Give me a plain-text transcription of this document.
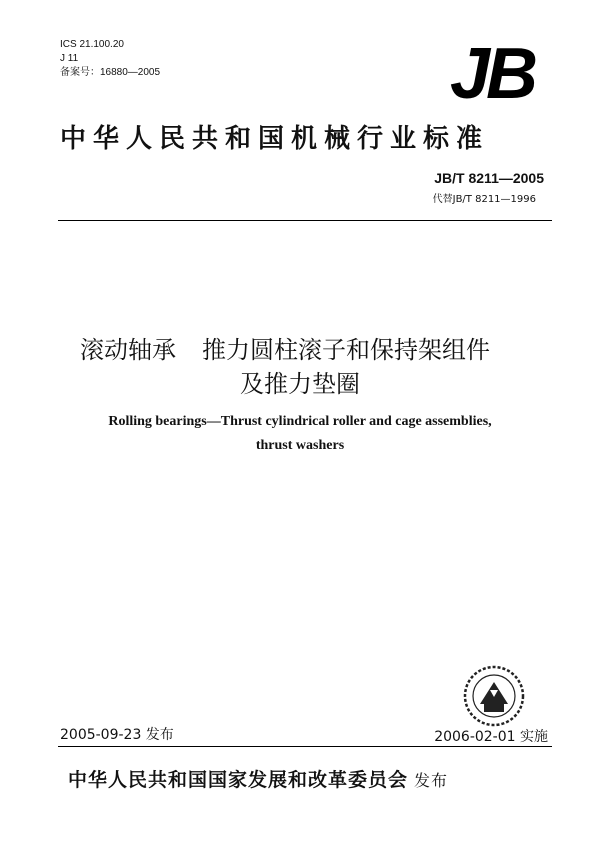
ICS 21.100.20
J 11
备案号：16880—2005	JB
中华人民共和国机械行业标准
JB/T 8211—2005
代替JB/T 8211—1996
滚动轴承 推力圆柱滚子和保持架组件
及推力垫圈
Rolling bearings—Thrust cylindrical roller and cage assemblies,
thrust washers
2005-09-23 发布	2006-02-01 实施
中华人民共和国国家发展和改革委员会 发布
